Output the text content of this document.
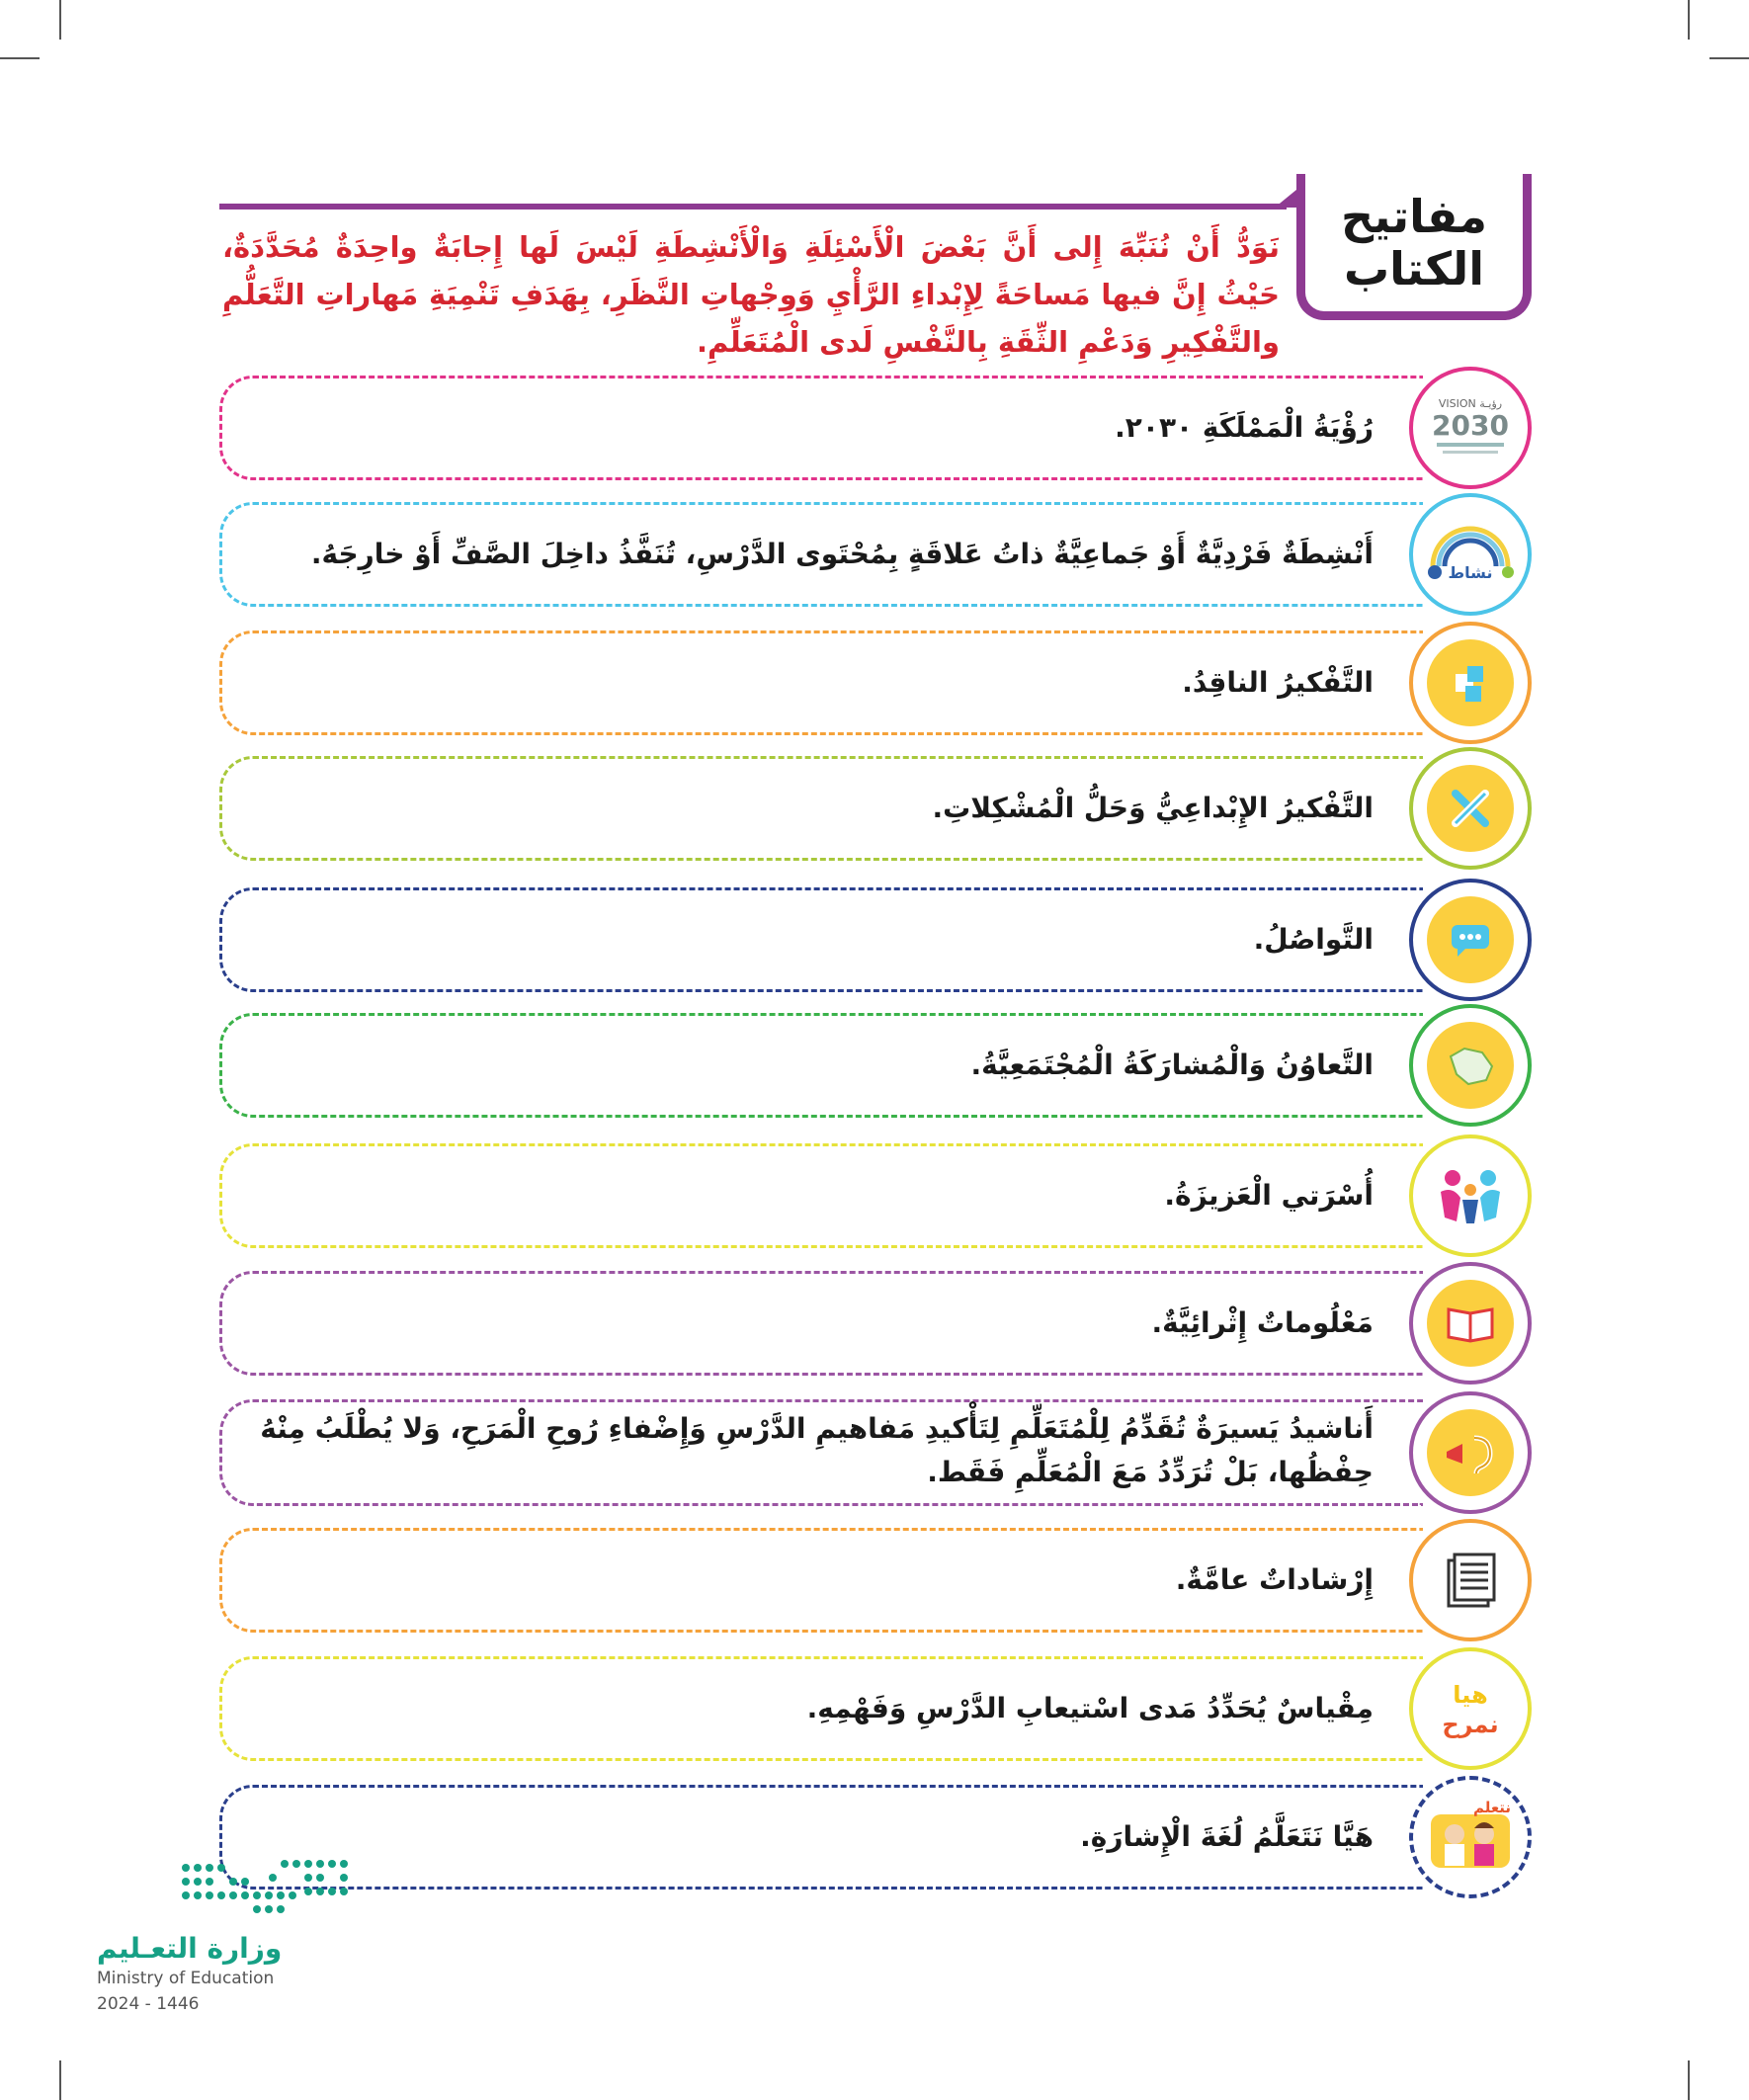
مفاتيح
الكتاب
نَوَدُّ أَنْ نُنَبِّهَ إِلى أَنَّ بَعْضَ الْأَسْئِلَةِ وَالْأَنْشِطَةِ لَيْسَ لَها إِجابَةٌ واحِدَةٌ مُحَدَّدَةٌ، حَيْثُ إِنَّ فيها مَساحَةً لِإِبْداءِ الرَّأْيِ وَوِجْهاتِ النَّظَرِ، بِهَدَفِ تَنْمِيَةِ مَهاراتِ التَّعَلُّمِ والتَّفْكِيرِ وَدَعْمِ الثِّقَةِ بِالنَّفْسِ لَدى الْمُتَعَلِّمِ.
VISION رؤيـة
2030
رُؤْيَةُ الْمَمْلَكَةِ ٢٠٣٠.
نشاط
أَنْشِطَةٌ فَرْدِيَّةٌ أَوْ جَماعِيَّةٌ ذاتُ عَلاقَةٍ بِمُحْتَوى الدَّرْسِ، تُنَفَّذُ داخِلَ الصَّفِّ أَوْ خارِجَهُ.
التَّفْكيرُ الناقِدُ.
التَّفْكيرُ الإِبْداعِيُّ وَحَلُّ الْمُشْكِلاتِ.
التَّواصُلُ.
التَّعاوُنُ وَالْمُشارَكَةُ الْمُجْتَمَعِيَّةُ.
أُسْرَتي الْعَزيزَةُ.
مَعْلُوماتٌ إِثْرائِيَّةٌ.
أَناشيدُ يَسيرَةٌ تُقَدِّمُ لِلْمُتَعَلِّمِ لِتَأْكيدِ مَفاهيمِ الدَّرْسِ وَإِضْفاءِ رُوحِ الْمَرَحِ، وَلا يُطْلَبُ مِنْهُ حِفْظُها، بَلْ تُرَدِّدُ مَعَ الْمُعَلِّمِ فَقَط.
إِرْشاداتٌ عامَّةٌ.
هيا
نمرح
مِقْياسٌ يُحَدِّدُ مَدى اسْتيعابِ الدَّرْسِ وَفَهْمِهِ.
نتعلم
هَيَّا نَتَعَلَّمُ لُغَةَ الْإِشارَةِ.
وزارة التعـليم
Ministry of Education
2024 - 1446
